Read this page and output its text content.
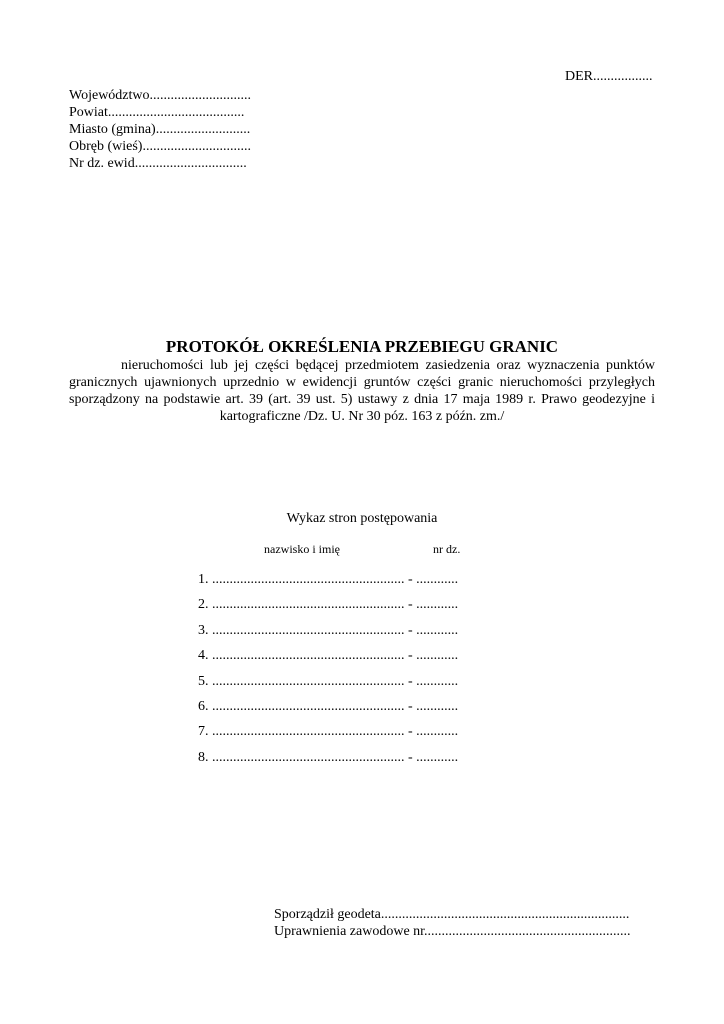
DER.................
Województwo.............................
Powiat.......................................
Miasto (gmina)...........................
Obręb (wieś)...............................
Nr dz. ewid................................
PROTOKÓŁ OKREŚLENIA PRZEBIEGU GRANIC
nieruchomości lub jej części będącej przedmiotem zasiedzenia oraz wyznaczenia punktów granicznych ujawnionych uprzednio w ewidencji gruntów części granic nieruchomości przyległych sporządzony na podstawie art. 39 (art. 39 ust. 5) ustawy z dnia 17 maja 1989 r. Prawo geodezyjne i kartograficzne /Dz. U. Nr 30 póz. 163 z późn. zm./
Wykaz stron postępowania
nazwisko i imię	nr dz.
1. ....................................................... - ............
2. ....................................................... - ............
3. ....................................................... - ............
4. ....................................................... - ............
5. ....................................................... - ............
6. ....................................................... - ............
7. ....................................................... - ............
8. ....................................................... - ............
Sporządził geodeta.......................................................................
Uprawnienia zawodowe nr...........................................................
